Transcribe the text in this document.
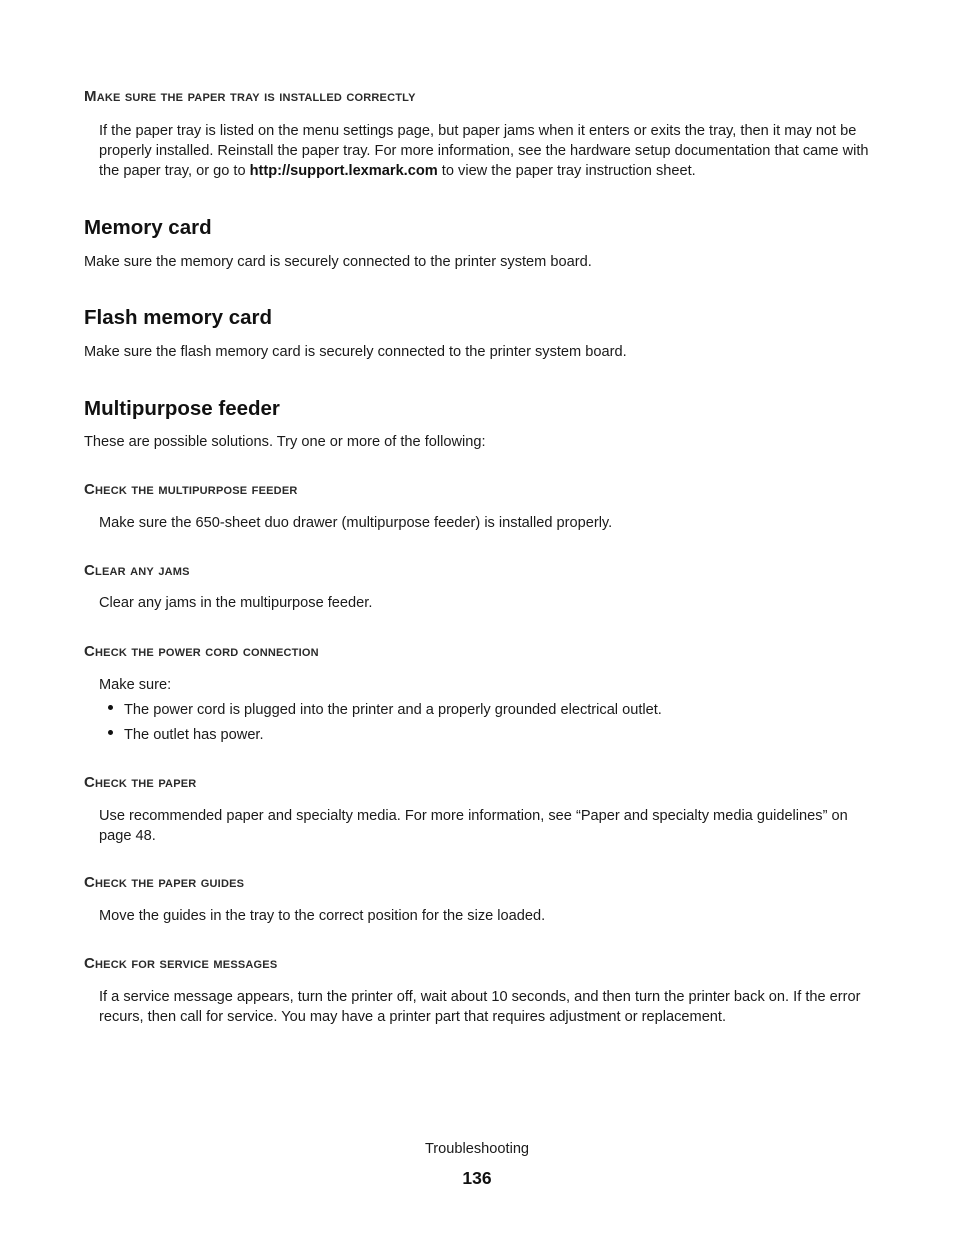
Make sure the paper tray is installed correctly

If the paper tray is listed on the menu settings page, but paper jams when it enters or exits the tray, then it may not be properly installed. Reinstall the paper tray. For more information, see the hardware setup documentation that came with the paper tray, or go to http://support.lexmark.com to view the paper tray instruction sheet.

Memory card

Make sure the memory card is securely connected to the printer system board.

Flash memory card

Make sure the flash memory card is securely connected to the printer system board.

Multipurpose feeder

These are possible solutions. Try one or more of the following:

Check the multipurpose feeder

Make sure the 650-sheet duo drawer (multipurpose feeder) is installed properly.

Clear any jams

Clear any jams in the multipurpose feeder.

Check the power cord connection

Make sure:

The power cord is plugged into the printer and a properly grounded electrical outlet.

The outlet has power.

Check the paper

Use recommended paper and specialty media. For more information, see “Paper and specialty media guidelines” on page 48.

Check the paper guides

Move the guides in the tray to the correct position for the size loaded.

Check for service messages

If a service message appears, turn the printer off, wait about 10 seconds, and then turn the printer back on. If the error recurs, then call for service. You may have a printer part that requires adjustment or replacement.

Troubleshooting
136
